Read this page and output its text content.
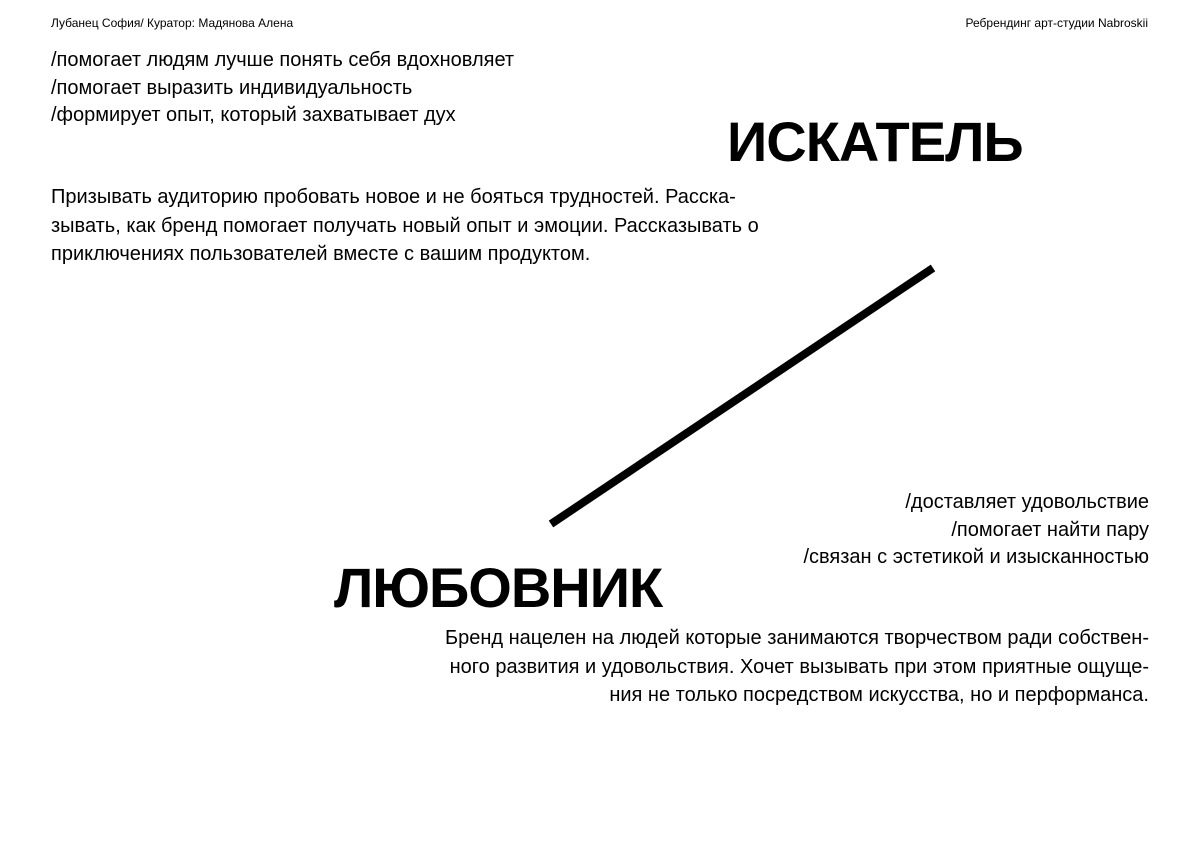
Лубанец София/ Куратор: Мадянова Алена	Ребрендинг арт-студии Nabroskii
/помогает людям лучше понять себя вдохновляет
/помогает выразить индивидуальность
/формирует опыт, который захватывает дух	ИСКАТЕЛЬ

Призывать аудиторию пробовать новое и не бояться трудностей. Расска-
зывать, как бренд помогает получать новый опыт и эмоции. Рассказывать о
приключениях пользователей вместе с вашим продуктом.

/доставляет удовольствие
/помогает найти пару
/связан с эстетикой и изысканностью
ЛЮБОВНИК

Бренд нацелен на людей которые занимаются творчеством ради собствен-
ного развития и удовольствия. Хочет вызывать при этом приятные ощуще-
ния не только посредством искусства, но и перформанса.
